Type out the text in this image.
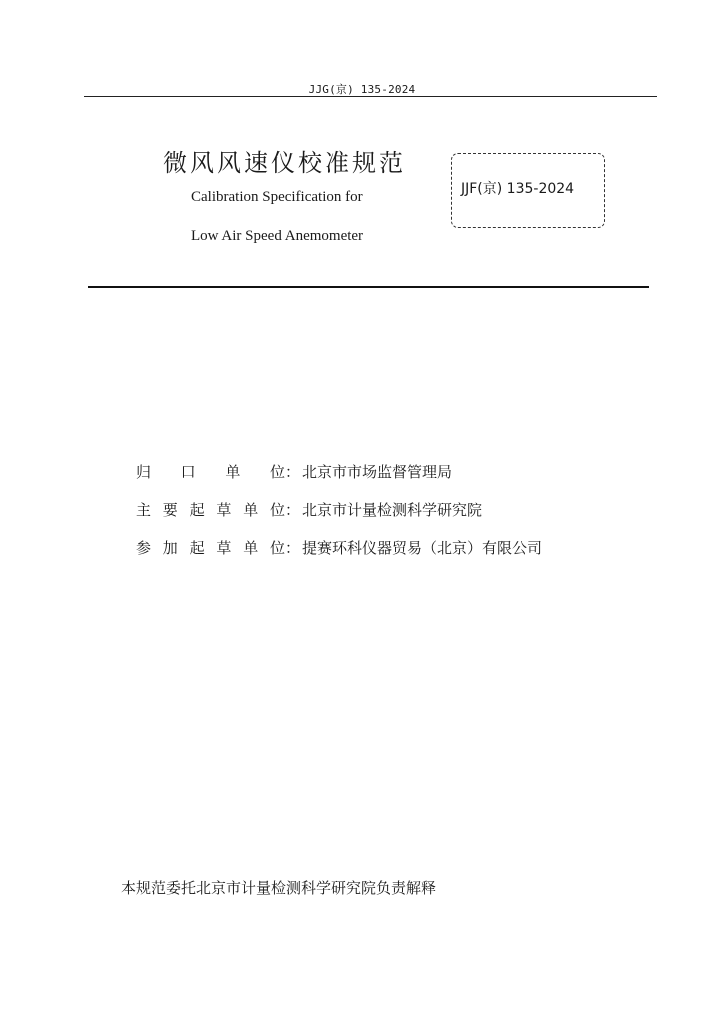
JJG(京) 135-2024
微风风速仪校准规范
Calibration Specification for
Low Air Speed Anemometer
JJF(京) 135-2024
归 口 单 位： 北京市市场监督管理局
主 要 起 草 单 位： 北京市计量检测科学研究院
参 加 起 草 单 位： 提赛环科仪器贸易（北京）有限公司
本规范委托北京市计量检测科学研究院负责解释
